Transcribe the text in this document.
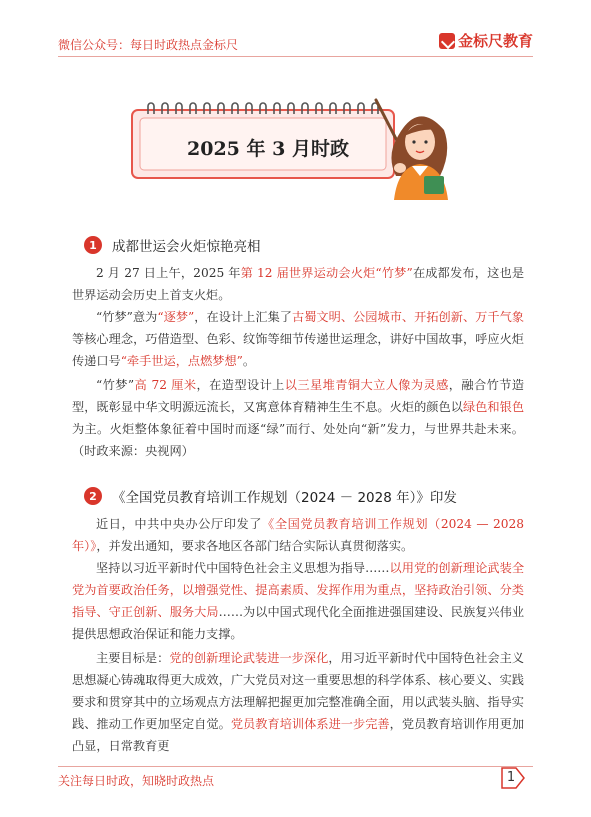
微信公众号：每日时政热点金标尺	金标尺教育
2025 年 3 月时政
1	成都世运会火炬惊艳亮相
2 月 27 日上午，2025 年第 12 届世界运动会火炬“竹梦”在成都发布，这也是世界运动会历史上首支火炬。
“竹梦”意为“逐梦”，在设计上汇集了古蜀文明、公园城市、开拓创新、万千气象等核心理念，巧借造型、色彩、纹饰等细节传递世运理念，讲好中国故事，呼应火炬传递口号“牵手世运，点燃梦想”。
“竹梦”高 72 厘米，在造型设计上以三星堆青铜大立人像为灵感，融合竹节造型，既彰显中华文明源远流长，又寓意体育精神生生不息。火炬的颜色以绿色和银色为主。火炬整体象征着中国时而逐“绿”而行、处处向“新”发力，与世界共赴未来。（时政来源：央视网）
2	《全国党员教育培训工作规划（2024 － 2028 年）》印发
近日，中共中央办公厅印发了《全国党员教育培训工作规划（2024 — 2028 年）》，并发出通知，要求各地区各部门结合实际认真贯彻落实。
坚持以习近平新时代中国特色社会主义思想为指导……以用党的创新理论武装全党为首要政治任务，以增强党性、提高素质、发挥作用为重点，坚持政治引领、分类指导、守正创新、服务大局……为以中国式现代化全面推进强国建设、民族复兴伟业提供思想政治保证和能力支撑。
主要目标是：党的创新理论武装进一步深化，用习近平新时代中国特色社会主义思想凝心铸魂取得更大成效，广大党员对这一重要思想的科学体系、核心要义、实践要求和贯穿其中的立场观点方法理解把握更加完整准确全面，用以武装头脑、指导实践、推动工作更加坚定自觉。党员教育培训体系进一步完善，党员教育培训作用更加凸显，日常教育更
关注每日时政，知晓时政热点	1
